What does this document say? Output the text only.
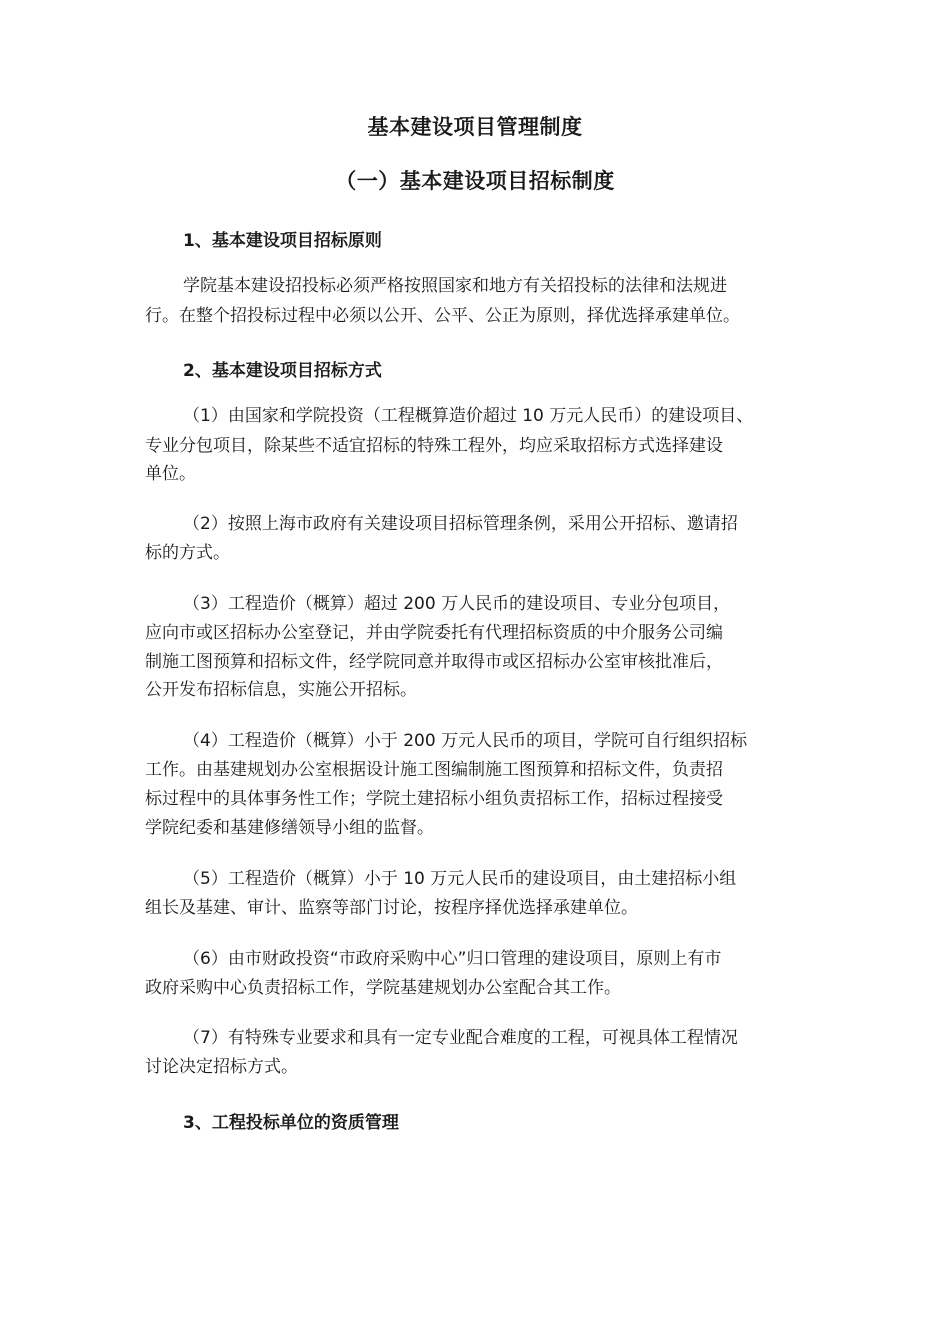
基本建设项目管理制度
（一）基本建设项目招标制度
1、基本建设项目招标原则
学院基本建设招投标必须严格按照国家和地方有关招投标的法律和法规进
行。在整个招投标过程中必须以公开、公平、公正为原则，择优选择承建单位。
2、基本建设项目招标方式
（1）由国家和学院投资（工程概算造价超过 10 万元人民币）的建设项目、
专业分包项目，除某些不适宜招标的特殊工程外，均应采取招标方式选择建设
单位。
（2）按照上海市政府有关建设项目招标管理条例，采用公开招标、邀请招
标的方式。
（3）工程造价（概算）超过 200 万人民币的建设项目、专业分包项目，
应向市或区招标办公室登记，并由学院委托有代理招标资质的中介服务公司编
制施工图预算和招标文件，经学院同意并取得市或区招标办公室审核批准后，
公开发布招标信息，实施公开招标。
（4）工程造价（概算）小于 200 万元人民币的项目，学院可自行组织招标
工作。由基建规划办公室根据设计施工图编制施工图预算和招标文件，负责招
标过程中的具体事务性工作；学院土建招标小组负责招标工作，招标过程接受
学院纪委和基建修缮领导小组的监督。
（5）工程造价（概算）小于 10 万元人民币的建设项目，由土建招标小组
组长及基建、审计、监察等部门讨论，按程序择优选择承建单位。
（6）由市财政投资“市政府采购中心”归口管理的建设项目，原则上有市
政府采购中心负责招标工作，学院基建规划办公室配合其工作。
（7）有特殊专业要求和具有一定专业配合难度的工程，可视具体工程情况
讨论决定招标方式。
3、工程投标单位的资质管理
